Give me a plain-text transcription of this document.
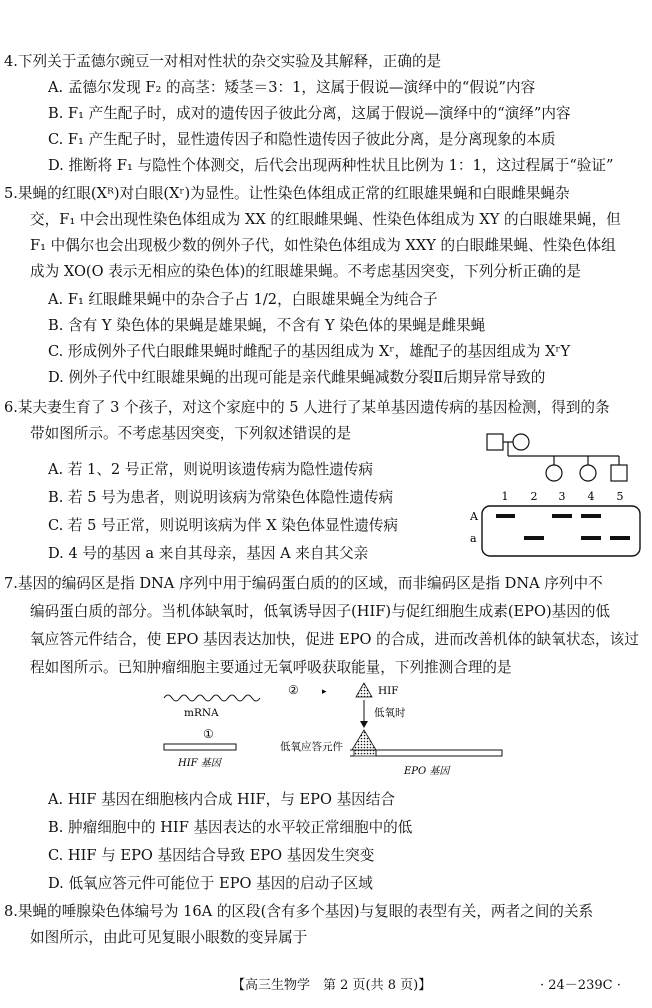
4.下列关于孟德尔豌豆一对相对性状的杂交实验及其解释，正确的是
A. 孟德尔发现 F₂ 的高茎：矮茎＝3：1，这属于假说—演绎中的“假说”内容
B. F₁ 产生配子时，成对的遗传因子彼此分离，这属于假说—演绎中的“演绎”内容
C. F₁ 产生配子时，显性遗传因子和隐性遗传因子彼此分离，是分离现象的本质
D. 推断将 F₁ 与隐性个体测交，后代会出现两种性状且比例为 1：1，这过程属于“验证”
5.果蝇的红眼(Xᴿ)对白眼(Xʳ)为显性。让性染色体组成正常的红眼雄果蝇和白眼雌果蝇杂
交，F₁ 中会出现性染色体组成为 XX 的红眼雌果蝇、性染色体组成为 XY 的白眼雄果蝇，但
F₁ 中偶尔也会出现极少数的例外子代，如性染色体组成为 XXY 的白眼雌果蝇、性染色体组
成为 XO(O 表示无相应的染色体)的红眼雄果蝇。不考虑基因突变，下列分析正确的是
A. F₁ 红眼雌果蝇中的杂合子占 1/2，白眼雄果蝇全为纯合子
B. 含有 Y 染色体的果蝇是雄果蝇，不含有 Y 染色体的果蝇是雌果蝇
C. 形成例外子代白眼雌果蝇时雌配子的基因组成为 Xʳ，雄配子的基因组成为 XʳY
D. 例外子代中红眼雄果蝇的出现可能是亲代雌果蝇减数分裂Ⅱ后期异常导致的
6.某夫妻生育了 3 个孩子，对这个家庭中的 5 人进行了某单基因遗传病的基因检测，得到的条
带如图所示。不考虑基因突变，下列叙述错误的是
A. 若 1、2 号正常，则说明该遗传病为隐性遗传病
B. 若 5 号为患者，则说明该病为常染色体隐性遗传病
C. 若 5 号正常，则说明该病为伴 X 染色体显性遗传病
D. 4 号的基因 a 来自其母亲，基因 A 来自其父亲
1 2 3 4 5
A
a
7.基因的编码区是指 DNA 序列中用于编码蛋白质的的区域，而非编码区是指 DNA 序列中不
编码蛋白质的部分。当机体缺氧时，低氧诱导因子(HIF)与促红细胞生成素(EPO)基因的低
氧应答元件结合，使 EPO 基因表达加快，促进 EPO 的合成，进而改善机体的缺氧状态，该过
程如图所示。已知肿瘤细胞主要通过无氧呼吸获取能量，下列推测合理的是
mRNA
①
HIF 基因
②	▸	HIF
低氧时
低氧应答元件
EPO 基因
A. HIF 基因在细胞核内合成 HIF，与 EPO 基因结合
B. 肿瘤细胞中的 HIF 基因表达的水平较正常细胞中的低
C. HIF 与 EPO 基因结合导致 EPO 基因发生突变
D. 低氧应答元件可能位于 EPO 基因的启动子区域
8.果蝇的唾腺染色体编号为 16A 的区段(含有多个基因)与复眼的表型有关，两者之间的关系
如图所示，由此可见复眼小眼数的变异属于
【高三生物学　第 2 页(共 8 页)】	· 24－239C ·
